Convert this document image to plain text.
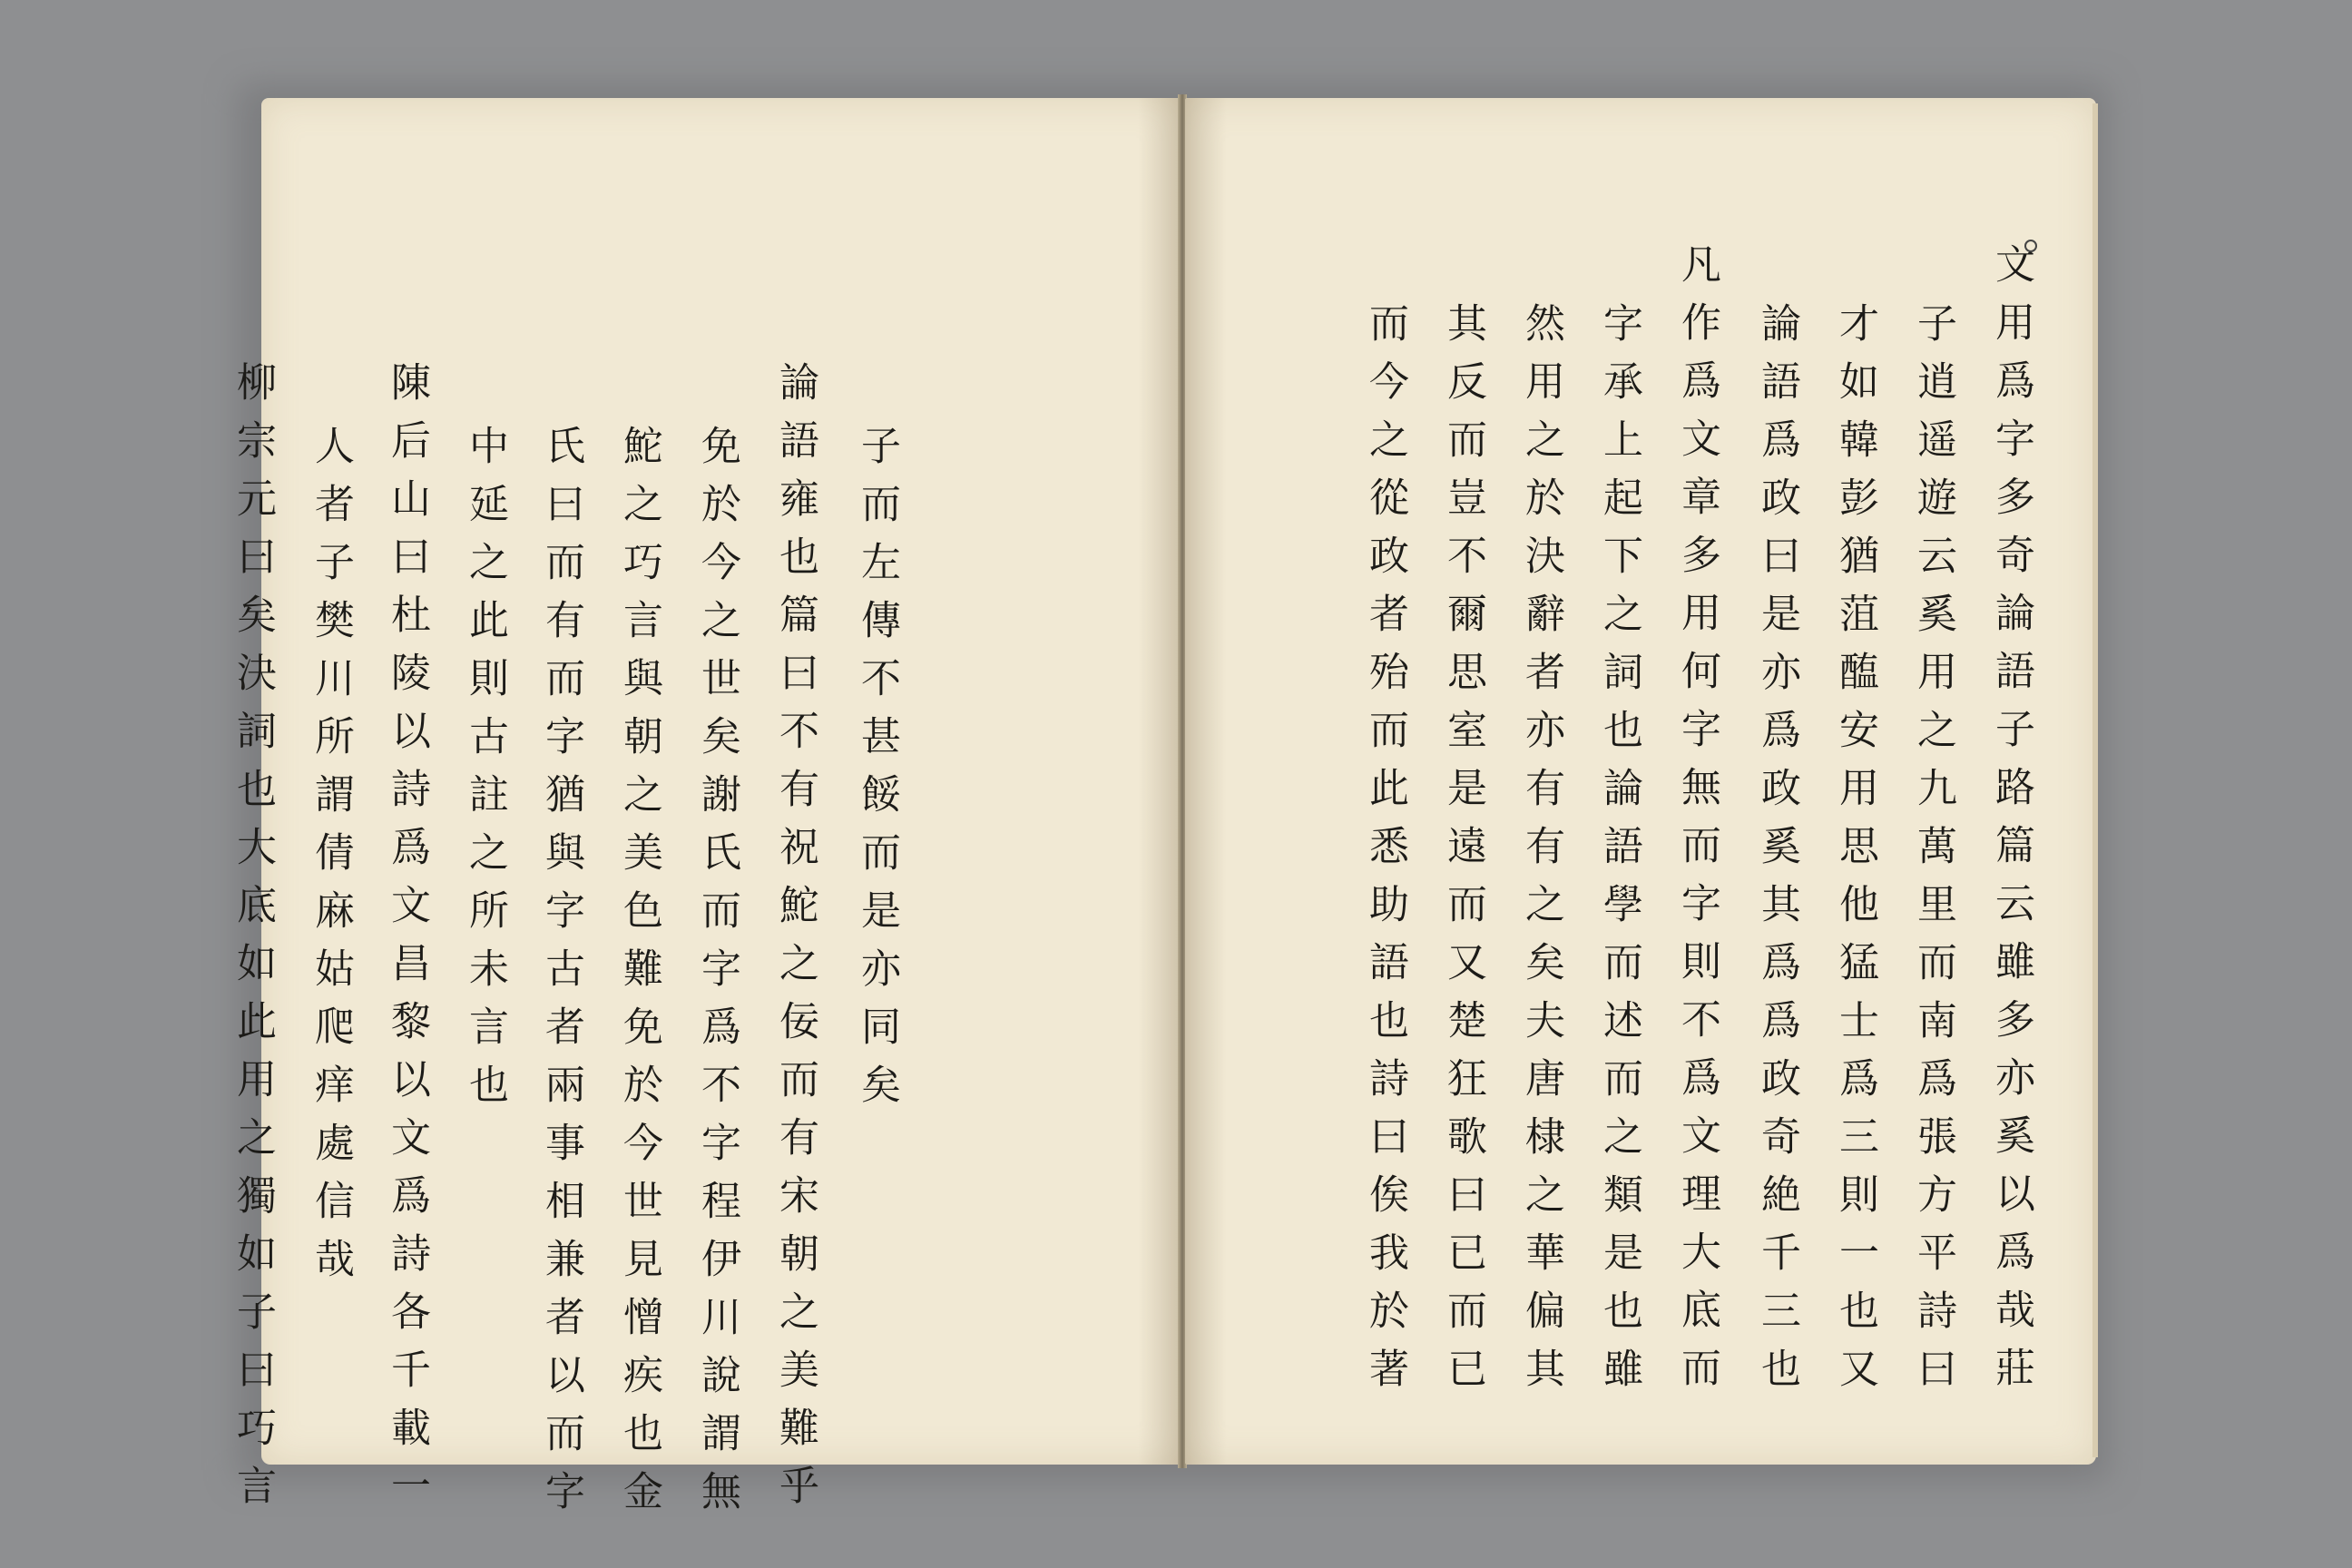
子而左傳不甚餒而是亦同矣
論語雍也篇曰不有祝鮀之佞而有宋朝之美難乎
免於今之世矣謝氏而字爲不字程伊川說謂無
鮀之巧言與朝之美色難免於今世見憎疾也金
氏曰而有而字猶與字古者兩事相兼者以而字
中延之此則古註之所未言也
陳后山曰杜陵以詩爲文昌黎以文爲詩各千載一
人者子樊川所謂倩麻姑爬痒處信哉
柳宗元曰矣決詞也大底如此用之獨如子曰巧言	文用爲字多奇論語子路篇云雖多亦奚以爲哉莊
子逍遥遊云奚用之九萬里而南爲張方平詩曰
才如韓彭猶菹醢安用思他猛士爲三則一也又
論語爲政曰是亦爲政奚其爲爲政奇絶千三也
凡作爲文章多用何字無而字則不爲文理大底而
字承上起下之詞也論語學而述而之類是也雖
然用之於決辭者亦有有之矣夫唐棣之華偏其
其反而豈不爾思室是遠而又楚狂歌曰已而已
而今之從政者殆而此悉助語也詩曰俟我於著
